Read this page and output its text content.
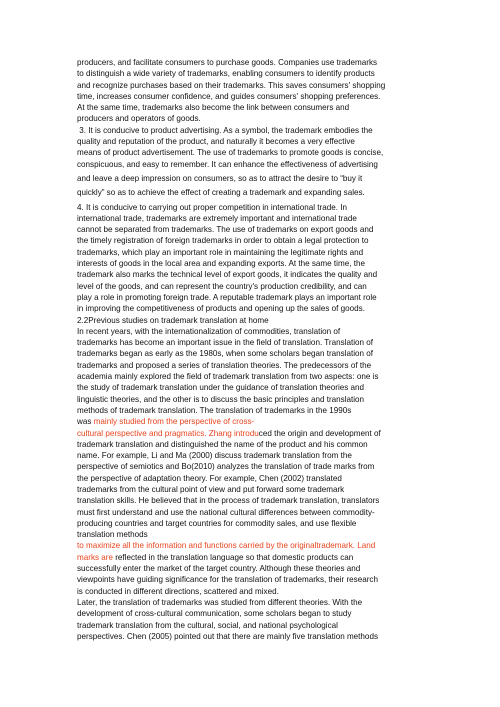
producers, and facilitate consumers to purchase goods. Companies use trademarks
to distinguish a wide variety of trademarks, enabling consumers to identify products
and recognize purchases based on their trademarks. This saves consumers' shopping
time, increases consumer confidence, and guides consumers' shopping preferences.
At the same time, trademarks also become the link between consumers and
producers and operators of goods.
3. It is conducive to product advertising. As a symbol, the trademark embodies the
quality and reputation of the product, and naturally it becomes a very effective
means of product advertisement. The use of trademarks to promote goods is concise,
conspicuous, and easy to remember. It can enhance the effectiveness of advertising
and leave a deep impression on consumers, so as to attract the desire to “buy it
quickly” so as to achieve the effect of creating a trademark and expanding sales.
4. It is conducive to carrying out proper competition in international trade. In
international trade, trademarks are extremely important and international trade
cannot be separated from trademarks. The use of trademarks on export goods and
the timely registration of foreign trademarks in order to obtain a legal protection to
trademarks, which play an important role in maintaining the legitimate rights and
interests of goods in the local area and expanding exports. At the same time, the
trademark also marks the technical level of export goods, it indicates the quality and
level of the goods, and can represent the country's production credibility, and can
play a role in promoting foreign trade. A reputable trademark plays an important role
in improving the competitiveness of products and opening up the sales of goods.
2.2Previous studies on trademark translation at home
In recent years, with the internationalization of commodities, translation of
trademarks has become an important issue in the field of translation. Translation of
trademarks began as early as the 1980s, when some scholars began translation of
trademarks and proposed a series of translation theories. The predecessors of the
academia mainly explored the field of trademark translation from two aspects: one is
the study of trademark translation under the guidance of translation theories and
linguistic theories, and the other is to discuss the basic principles and translation
methods of trademark translation. The translation of trademarks in the 1990s
was mainly studied from the perspective of cross-
cultural perspective and pragmatics. Zhang introduced the origin and development of
trademark translation and distinguished the name of the product and his common
name. For example, Li and Ma (2000) discuss trademark translation from the
perspective of semiotics and Bo(2010) analyzes the translation of trade marks from
the perspective of adaptation theory. For example, Chen (2002) translated
trademarks from the cultural point of view and put forward some trademark
translation skills. He believed that in the process of trademark translation, translators
must first understand and use the national cultural differences between commodity-
producing countries and target countries for commodity sales, and use flexible
translation methods
to maximize all the information and functions carried by the originaltrademark. Land
marks are reflected in the translation language so that domestic products can
successfully enter the market of the target country. Although these theories and
viewpoints have guiding significance for the translation of trademarks, their research
is conducted in different directions, scattered and mixed.
Later, the translation of trademarks was studied from different theories. With the
development of cross-cultural communication, some scholars began to study
trademark translation from the cultural, social, and national psychological
perspectives. Chen (2005) pointed out that there are mainly five translation methods
